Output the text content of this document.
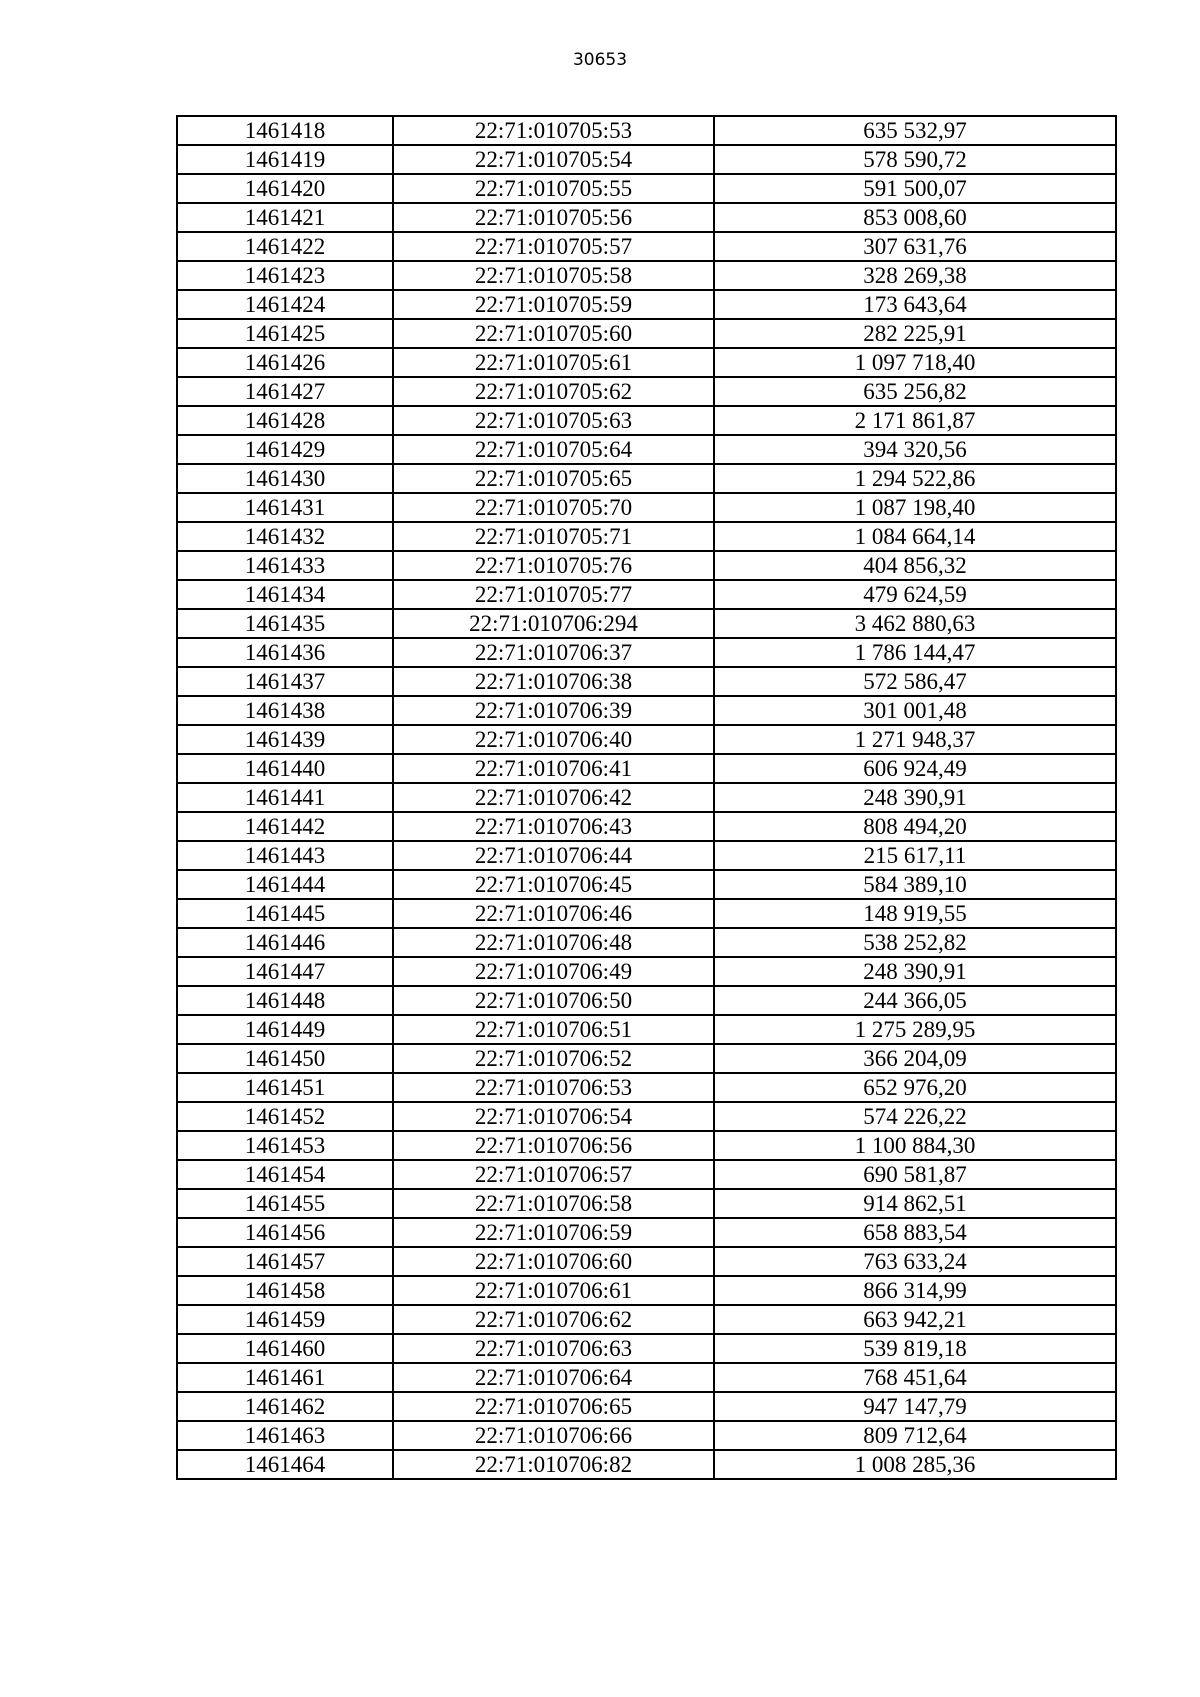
30653
1461418	22:71:010705:53	635 532,97
1461419	22:71:010705:54	578 590,72
1461420	22:71:010705:55	591 500,07
1461421	22:71:010705:56	853 008,60
1461422	22:71:010705:57	307 631,76
1461423	22:71:010705:58	328 269,38
1461424	22:71:010705:59	173 643,64
1461425	22:71:010705:60	282 225,91
1461426	22:71:010705:61	1 097 718,40
1461427	22:71:010705:62	635 256,82
1461428	22:71:010705:63	2 171 861,87
1461429	22:71:010705:64	394 320,56
1461430	22:71:010705:65	1 294 522,86
1461431	22:71:010705:70	1 087 198,40
1461432	22:71:010705:71	1 084 664,14
1461433	22:71:010705:76	404 856,32
1461434	22:71:010705:77	479 624,59
1461435	22:71:010706:294	3 462 880,63
1461436	22:71:010706:37	1 786 144,47
1461437	22:71:010706:38	572 586,47
1461438	22:71:010706:39	301 001,48
1461439	22:71:010706:40	1 271 948,37
1461440	22:71:010706:41	606 924,49
1461441	22:71:010706:42	248 390,91
1461442	22:71:010706:43	808 494,20
1461443	22:71:010706:44	215 617,11
1461444	22:71:010706:45	584 389,10
1461445	22:71:010706:46	148 919,55
1461446	22:71:010706:48	538 252,82
1461447	22:71:010706:49	248 390,91
1461448	22:71:010706:50	244 366,05
1461449	22:71:010706:51	1 275 289,95
1461450	22:71:010706:52	366 204,09
1461451	22:71:010706:53	652 976,20
1461452	22:71:010706:54	574 226,22
1461453	22:71:010706:56	1 100 884,30
1461454	22:71:010706:57	690 581,87
1461455	22:71:010706:58	914 862,51
1461456	22:71:010706:59	658 883,54
1461457	22:71:010706:60	763 633,24
1461458	22:71:010706:61	866 314,99
1461459	22:71:010706:62	663 942,21
1461460	22:71:010706:63	539 819,18
1461461	22:71:010706:64	768 451,64
1461462	22:71:010706:65	947 147,79
1461463	22:71:010706:66	809 712,64
1461464	22:71:010706:82	1 008 285,36
